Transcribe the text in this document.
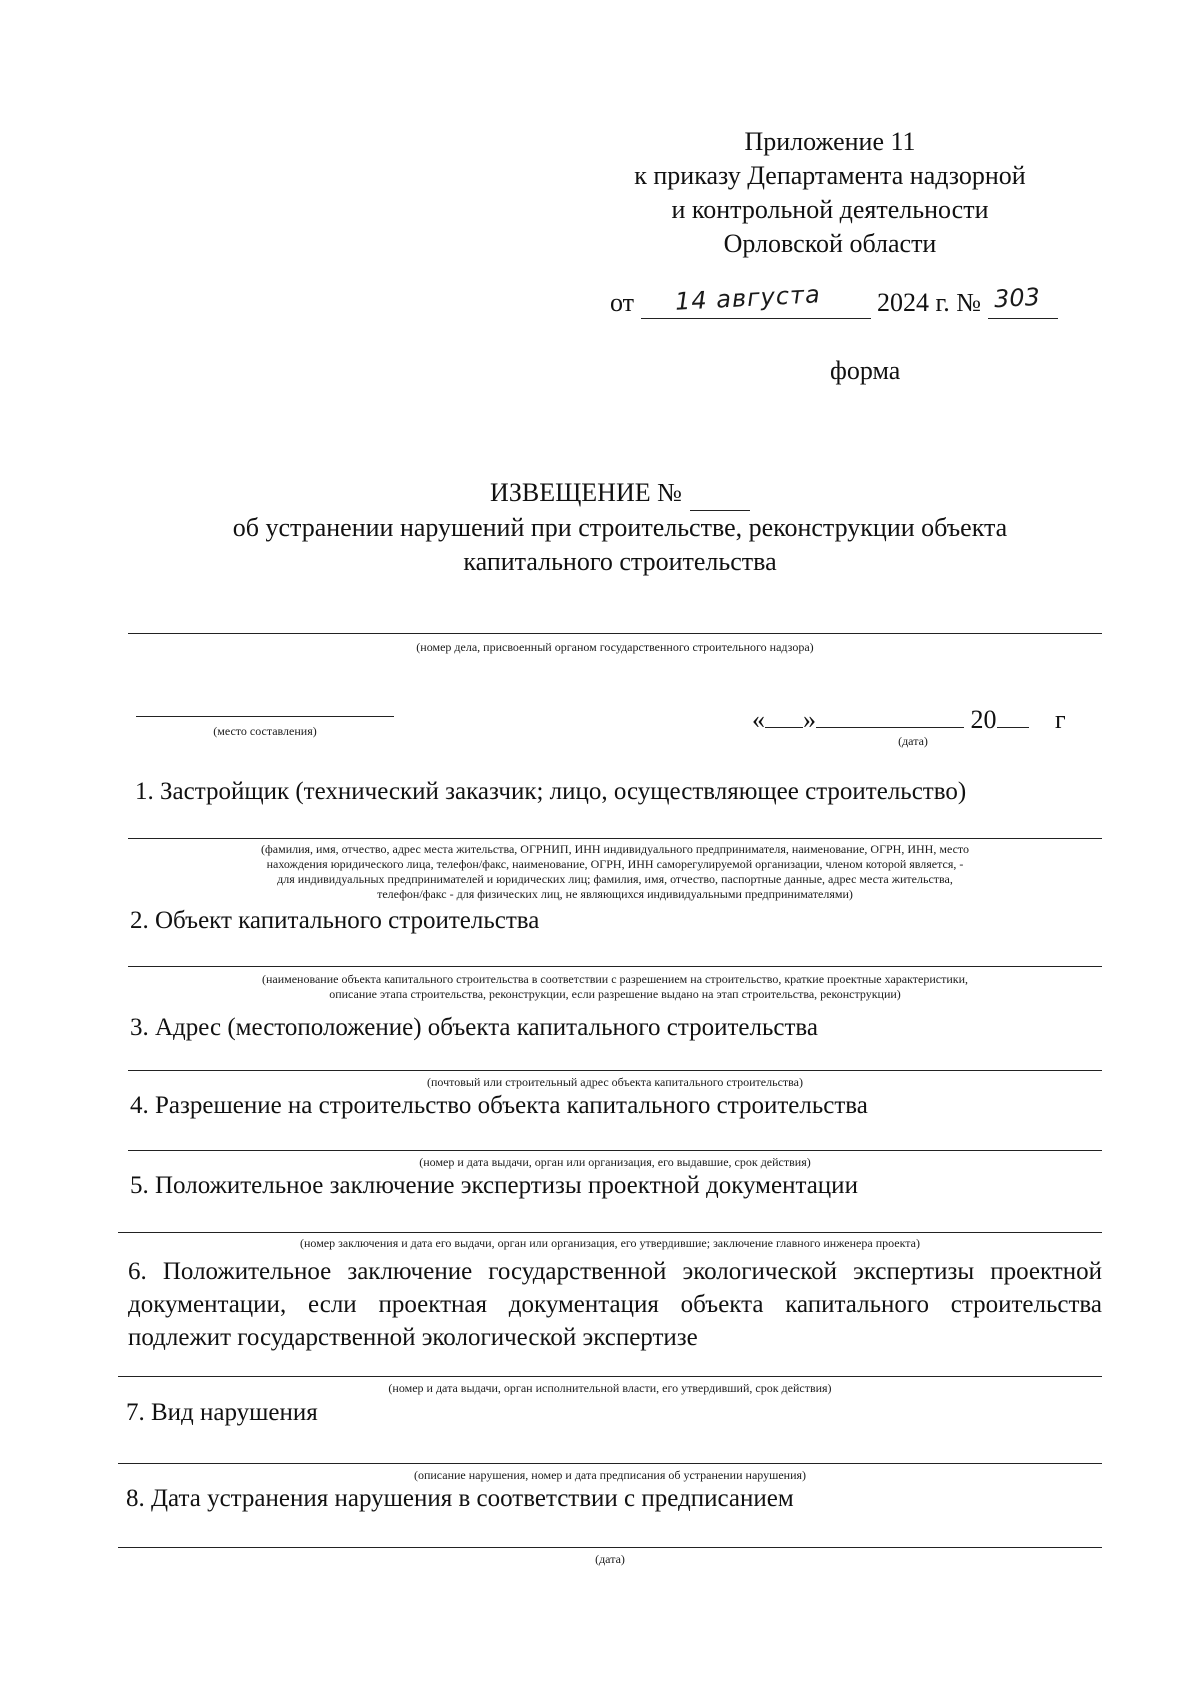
Приложение 11
к приказу Департамента надзорной
и контрольной деятельности
Орловской области
от 14 августа 2024 г. № 303

форма
ИЗВЕЩЕНИЕ №
об устранении нарушений при строительстве, реконструкции объекта
капитального строительства
(номер дела, присвоенный органом государственного строительного надзора)
(место составления)	« »	20 г
(дата)
1. Застройщик (технический заказчик; лицо, осуществляющее строительство)
(фамилия, имя, отчество, адрес места жительства, ОГРНИП, ИНН индивидуального предпринимателя, наименование, ОГРН, ИНН, место
нахождения юридического лица, телефон/факс, наименование, ОГРН, ИНН саморегулируемой организации, членом которой является, -
для индивидуальных предпринимателей и юридических лиц; фамилия, имя, отчество, паспортные данные, адрес места жительства,
телефон/факс - для физических лиц, не являющихся индивидуальными предпринимателями)
2. Объект капитального строительства
(наименование объекта капитального строительства в соответствии с разрешением на строительство, краткие проектные характеристики,
описание этапа строительства, реконструкции, если разрешение выдано на этап строительства, реконструкции)
3. Адрес (местоположение) объекта капитального строительства
(почтовый или строительный адрес объекта капитального строительства)
4. Разрешение на строительство объекта капитального строительства
(номер и дата выдачи, орган или организация, его выдавшие, срок действия)
5. Положительное заключение экспертизы проектной документации
(номер заключения и дата его выдачи, орган или организация, его утвердившие; заключение главного инженера проекта)
6. Положительное заключение государственной экологической экспертизы проектной документации, если проектная документация объекта капитального строительства подлежит государственной экологической экспертизе
(номер и дата выдачи, орган исполнительной власти, его утвердивший, срок действия)
7. Вид нарушения
(описание нарушения, номер и дата предписания об устранении нарушения)
8. Дата устранения нарушения в соответствии с предписанием
(дата)
